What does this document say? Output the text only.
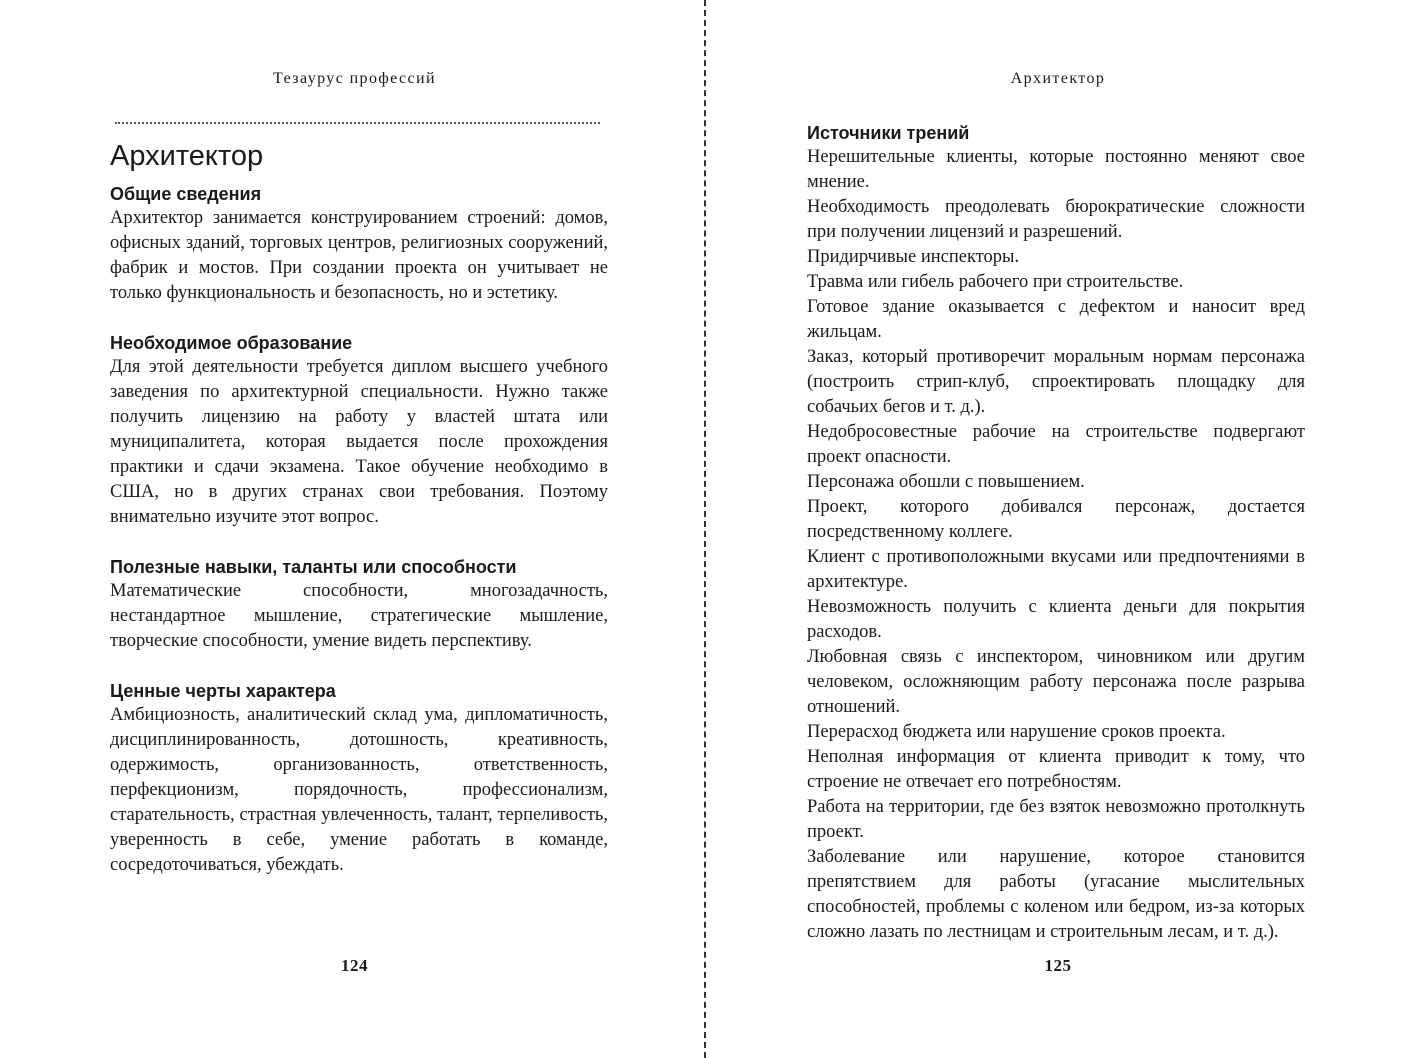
Тезаурус профессий
Архитектор
Общие сведения

Архитектор занимается конструированием строений: домов, офисных зданий, торговых центров, религиозных сооружений, фабрик и мостов. При создании проекта он учитывает не только функциональность и безопасность, но и эстетику.

Необходимое образование

Для этой деятельности требуется диплом высшего учебного заведения по архитектурной специальности. Нужно также получить лицензию на работу у властей штата или муниципалитета, которая выдается после прохождения практики и сдачи экзамена. Такое обучение необходимо в США, но в других странах свои требования. Поэтому внимательно изучите этот вопрос.

Полезные навыки, таланты или способности

Математические способности, многозадачность, нестандартное мышление, стратегические мышление, творческие способности, умение видеть перспективу.

Ценные черты характера

Амбициозность, аналитический склад ума, дипломатичность, дисциплинированность, дотошность, креативность, одержимость, организованность, ответственность, перфекционизм, порядочность, профессионализм, старательность, страстная увлеченность, талант, терпеливость, уверенность в себе, умение работать в команде, сосредоточиваться, убеждать.

124
Архитектор
Источники трений

Нерешительные клиенты, которые постоянно меняют свое мнение.

Необходимость преодолевать бюрократические сложности при получении лицензий и разрешений.

Придирчивые инспекторы.

Травма или гибель рабочего при строительстве.

Готовое здание оказывается с дефектом и наносит вред жильцам.

Заказ, который противоречит моральным нормам персонажа (построить стрип-клуб, спроектировать площадку для собачьих бегов и т. д.).

Недобросовестные рабочие на строительстве подвергают проект опасности.

Персонажа обошли с повышением.

Проект, которого добивался персонаж, достается посредственному коллеге.

Клиент с противоположными вкусами или предпочтениями в архитектуре.

Невозможность получить с клиента деньги для покрытия расходов.

Любовная связь с инспектором, чиновником или другим человеком, осложняющим работу персонажа после разрыва отношений.

Перерасход бюджета или нарушение сроков проекта.

Неполная информация от клиента приводит к тому, что строение не отвечает его потребностям.

Работа на территории, где без взяток невозможно протолкнуть проект.

Заболевание или нарушение, которое становится препятствием для работы (угасание мыслительных способностей, проблемы с коленом или бедром, из-за которых сложно лазать по лестницам и строительным лесам, и т. д.).

125
